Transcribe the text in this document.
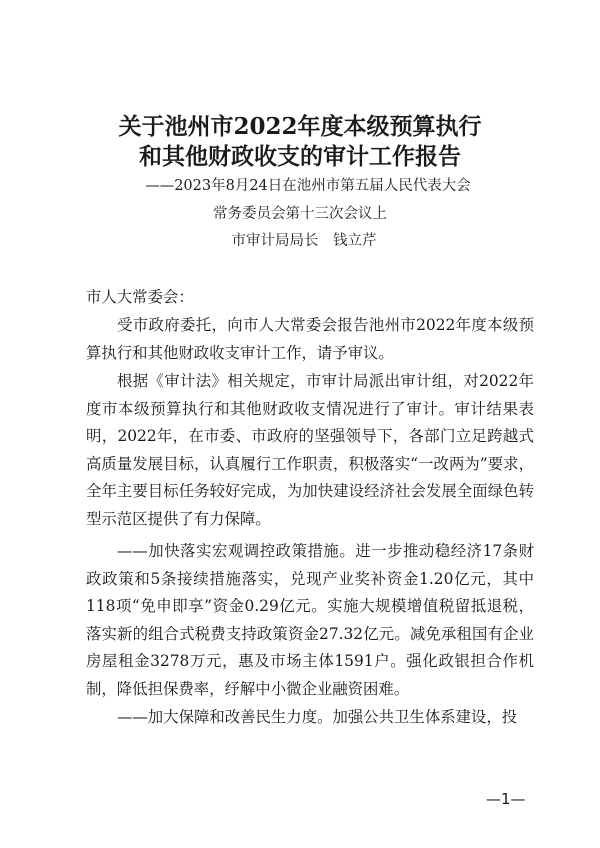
关于池州市2022年度本级预算执行
和其他财政收支的审计工作报告
——2023年8月24日在池州市第五届人民代表大会
常务委员会第十三次会议上
市审计局局长　钱立芹
市人大常委会：
受市政府委托，向市人大常委会报告池州市2022年度本级预算执行和其他财政收支审计工作，请予审议。
根据《审计法》相关规定，市审计局派出审计组，对2022年度市本级预算执行和其他财政收支情况进行了审计。审计结果表明，2022年，在市委、市政府的坚强领导下，各部门立足跨越式高质量发展目标，认真履行工作职责，积极落实“一改两为”要求，全年主要目标任务较好完成，为加快建设经济社会发展全面绿色转型示范区提供了有力保障。
——加快落实宏观调控政策措施。进一步推动稳经济17条财政政策和5条接续措施落实，兑现产业奖补资金1.20亿元，其中118项“免申即享”资金0.29亿元。实施大规模增值税留抵退税，落实新的组合式税费支持政策资金27.32亿元。减免承租国有企业房屋租金3278万元，惠及市场主体1591户。强化政银担合作机制，降低担保费率，纾解中小微企业融资困难。
——加大保障和改善民生力度。加强公共卫生体系建设，投
—1—
